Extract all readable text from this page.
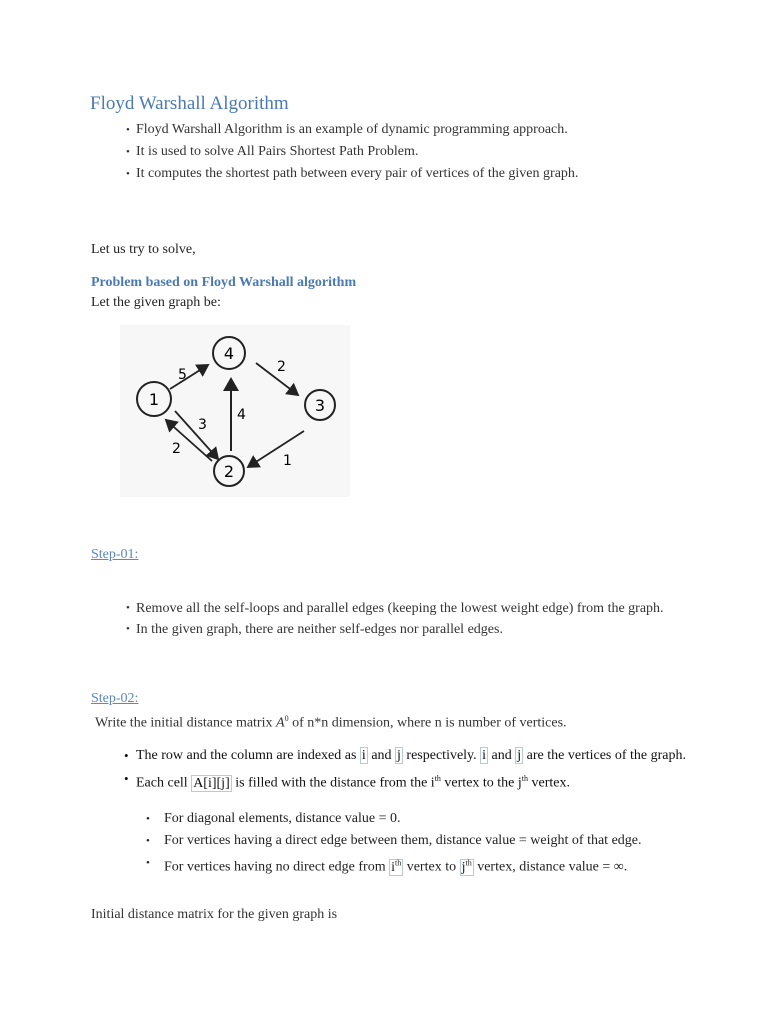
Floyd Warshall Algorithm
• Floyd Warshall Algorithm is an example of dynamic programming approach.
• It is used to solve All Pairs Shortest Path Problem.
• It computes the shortest path between every pair of vertices of the given graph.
Let us try to solve,
Problem based on Floyd Warshall algorithm
Let the given graph be:
1
4
3
2
5	2
3
2
4
1
Step-01:
• Remove all the self-loops and parallel edges (keeping the lowest weight edge) from the graph.
• In the given graph, there are neither self-edges nor parallel edges.
Step-02:
Write the initial distance matrix $A^0$ of n*n dimension, where n is number of vertices.
• The row and the column are indexed as i and j respectively. i and j are the vertices of the graph.
• Each cell A[i][j] is filled with the distance from the $i^{th}$ vertex to the $j^{th}$ vertex.
• For diagonal elements, distance value = 0.
• For vertices having a direct edge between them, distance value = weight of that edge.
• For vertices having no direct edge from $i^{th}$ vertex to $j^{th}$ vertex, distance value = ∞.
Initial distance matrix for the given graph is
